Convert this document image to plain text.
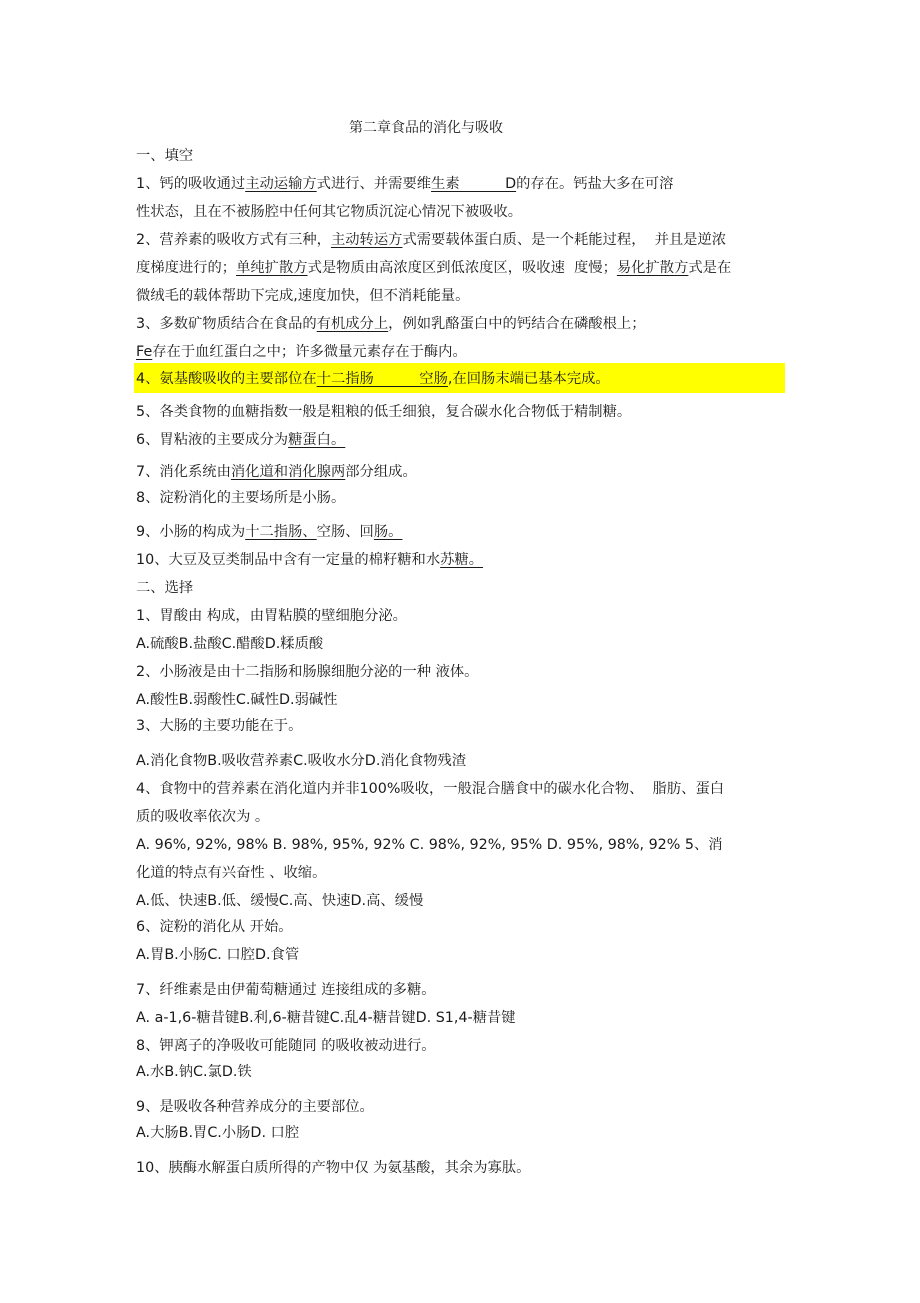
第二章食品的消化与吸收
一、填空
1、钙的吸收通过主动运输方式进行、并需要维生素          D的存在。钙盐大多在可溶
性状态，且在不被肠腔中任何其它物质沉淀心情况下被吸收。
2、营养素的吸收方式有三种，主动转运方式需要载体蛋白质、是一个耗能过程，  并且是逆浓
度梯度进行的；单纯扩散方式是物质由高浓度区到低浓度区，吸收速  度慢；易化扩散方式是在
微绒毛的载体帮助下完成,速度加快，但不消耗能量。
3、多数矿物质结合在食品的有机成分上，例如乳酪蛋白中的钙结合在磷酸根上；
Fe存在于血红蛋白之中；许多微量元素存在于酶内。
4、氨基酸吸收的主要部位在十二指肠          空肠,在回肠末端已基本完成。
5、各类食物的血糖指数一般是粗粮的低壬细狼，复合碳水化合物低于精制糖。
6、胃粘液的主要成分为糖蛋白。
7、消化系统由消化道和消化腺两部分组成。
8、淀粉消化的主要场所是小肠。
9、小肠的构成为十二指肠、空肠、回肠。
10、大豆及豆类制品中含有一定量的棉籽糖和水苏糖。
二、选择
1、胃酸由 构成，由胃粘膜的壁细胞分泌。
A.硫酸B.盐酸C.醋酸D.糅质酸
2、小肠液是由十二指肠和肠腺细胞分泌的一种 液体。
A.酸性B.弱酸性C.碱性D.弱碱性
3、大肠的主要功能在于。
A.消化食物B.吸收营养素C.吸收水分D.消化食物残渣
4、食物中的营养素在消化道内并非100%吸收，一般混合膳食中的碳水化合物、  脂肪、蛋白
质的吸收率依次为 。
A. 96%, 92%, 98% B. 98%, 95%, 92% C. 98%, 92%, 95% D. 95%, 98%, 92% 5、消
化道的特点有兴奋性 、收缩。
A.低、快速B.低、缓慢C.高、快速D.高、缓慢
6、淀粉的消化从 开始。
A.胃B.小肠C. 口腔D.食管
7、纤维素是由伊葡萄糖通过 连接组成的多糖。
A. a-1,6-糖昔键B.利,6-糖昔键C.乱4-糖昔键D. S1,4-糖昔键
8、钾离子的净吸收可能随同 的吸收被动进行。
A.水B.钠C.氯D.铁
9、是吸收各种营养成分的主要部位。
A.大肠B.胃C.小肠D. 口腔
10、胰酶水解蛋白质所得的产物中仅 为氨基酸，其余为寡肽。
